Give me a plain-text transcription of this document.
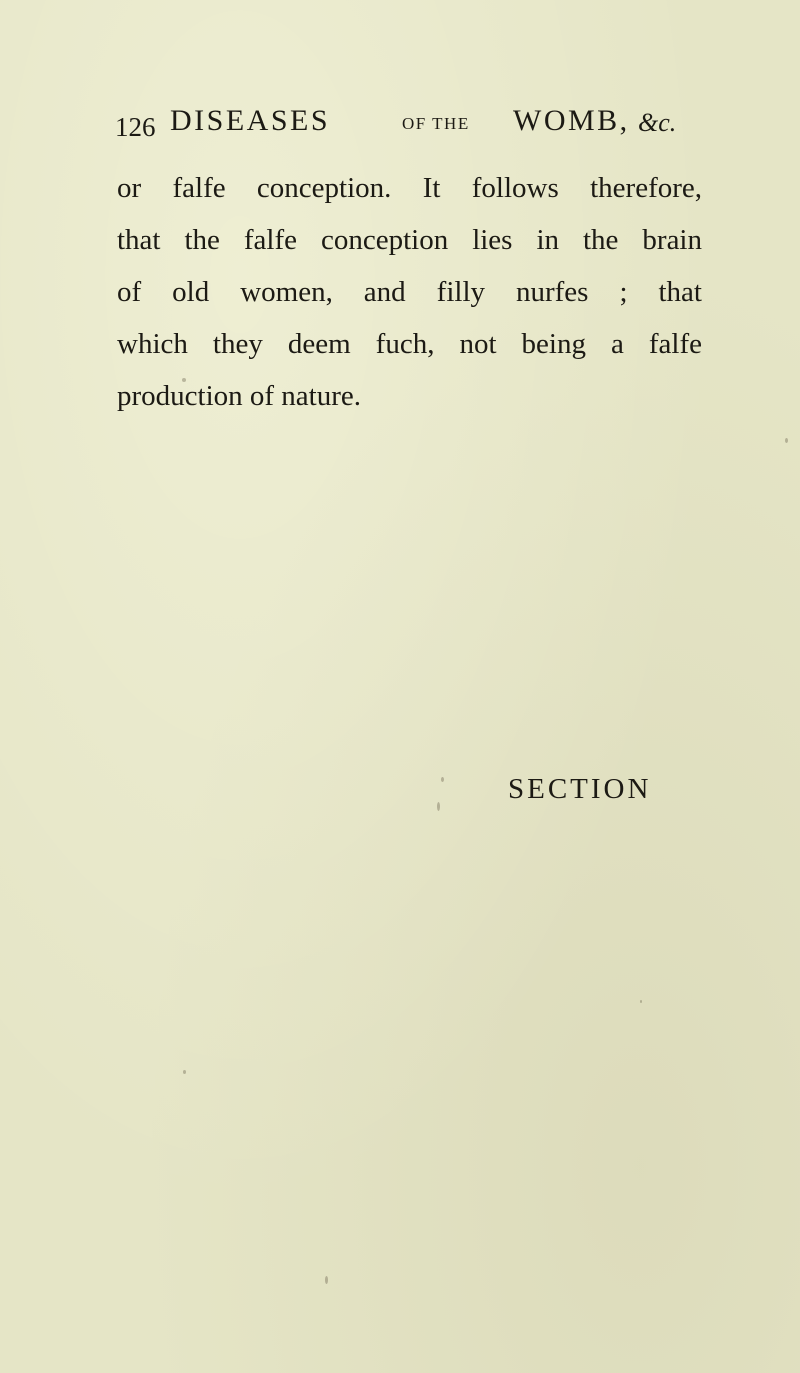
126 DISEASES	OF THE WOMB, &c.
or falfe conception. It follows therefore,
that the falfe conception lies in the brain
of old women, and filly nurfes ; that
which they deem fuch, not being a falfe
production of nature.
SECTION
